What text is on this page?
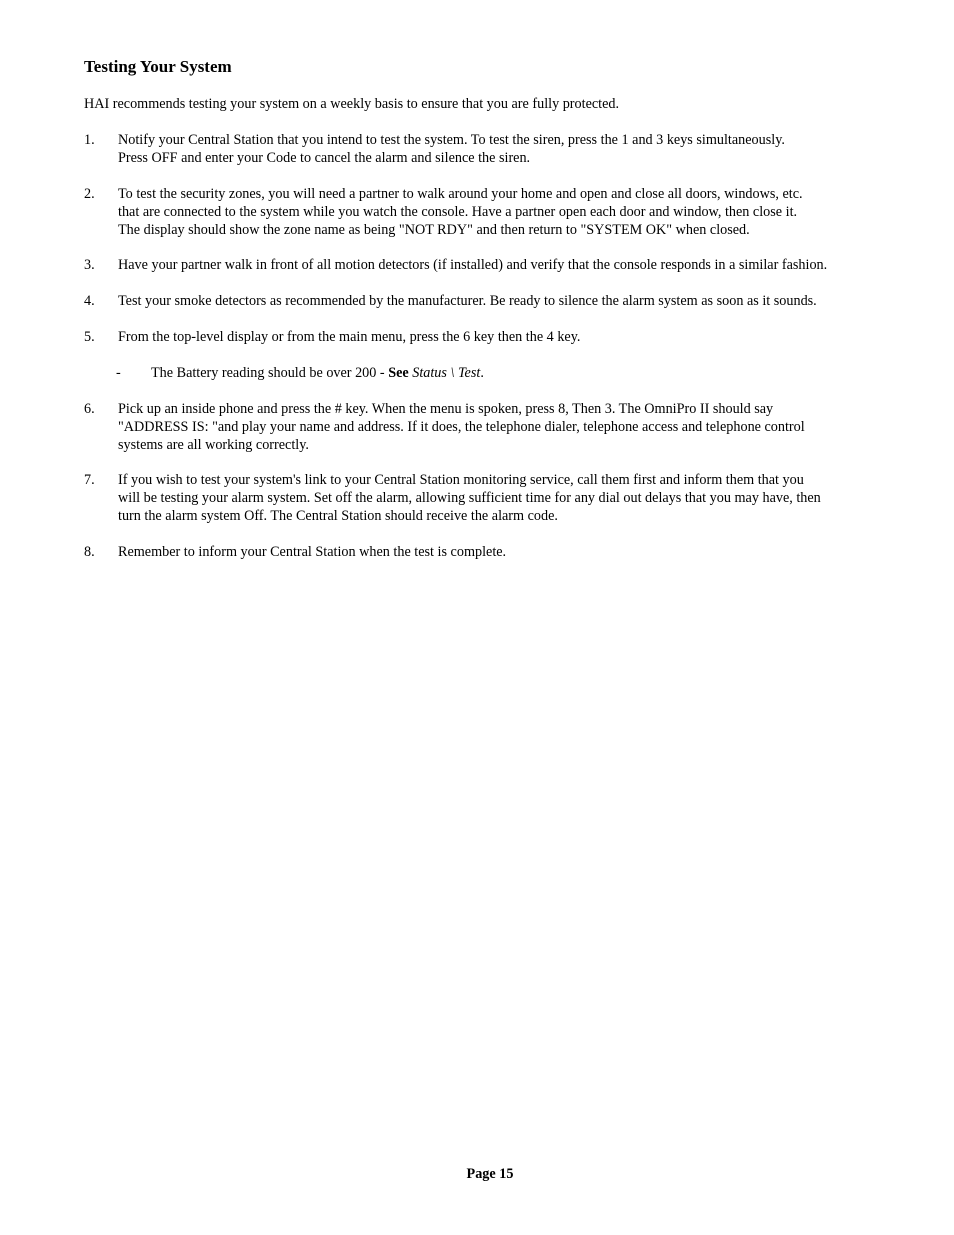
Testing Your System

HAI recommends testing your system on a weekly basis to ensure that you are fully protected.

1. Notify your Central Station that you intend to test the system. To test the siren, press the 1 and 3 keys simultaneously.
Press OFF and enter your Code to cancel the alarm and silence the siren.
2. To test the security zones, you will need a partner to walk around your home and open and close all doors, windows, etc.
that are connected to the system while you watch the console. Have a partner open each door and window, then close it.
The display should show the zone name as being "NOT RDY" and then return to "SYSTEM OK" when closed.
3. Have your partner walk in front of all motion detectors (if installed) and verify that the console responds in a similar fashion.
4. Test your smoke detectors as recommended by the manufacturer. Be ready to silence the alarm system as soon as it sounds.
5. From the top-level display or from the main menu, press the 6 key then the 4 key.
- The Battery reading should be over 200 - See Status \ Test.
6. Pick up an inside phone and press the # key. When the menu is spoken, press 8, Then 3. The OmniPro II should say
"ADDRESS IS: "and play your name and address. If it does, the telephone dialer, telephone access and telephone control
systems are all working correctly.
7. If you wish to test your system's link to your Central Station monitoring service, call them first and inform them that you
will be testing your alarm system. Set off the alarm, allowing sufficient time for any dial out delays that you may have, then
turn the alarm system Off. The Central Station should receive the alarm code.
8. Remember to inform your Central Station when the test is complete.
Page 15
